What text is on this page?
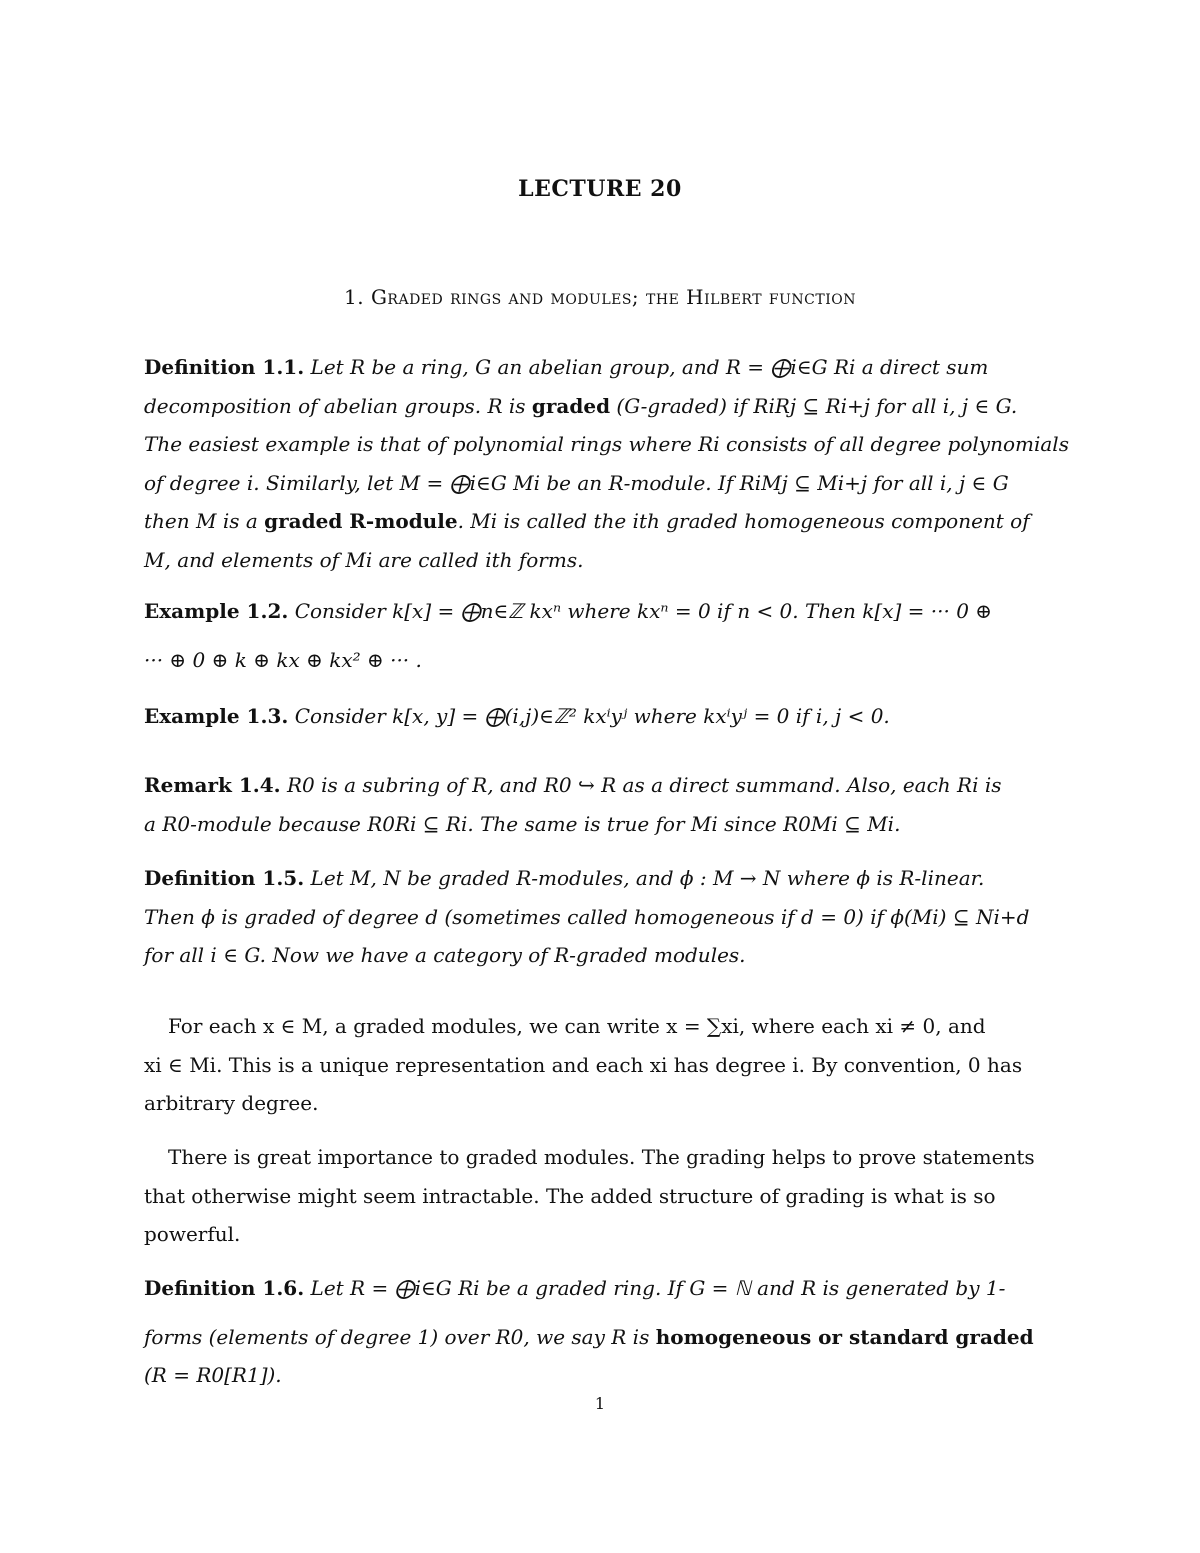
LECTURE 20
1. Graded rings and modules; the Hilbert function
Definition 1.1. Let R be a ring, G an abelian group, and R = ⨁i∈G Ri a direct sum
decomposition of abelian groups. R is graded (G-graded) if RiRj ⊆ Ri+j for all i, j ∈ G.
The easiest example is that of polynomial rings where Ri consists of all degree polynomials
of degree i. Similarly, let M = ⨁i∈G Mi be an R-module. If RiMj ⊆ Mi+j for all i, j ∈ G
then M is a graded R-module. Mi is called the ith graded homogeneous component of
M, and elements of Mi are called ith forms.
Example 1.2. Consider k[x] = ⨁n∈ℤ kxⁿ where kxⁿ = 0 if n < 0. Then k[x] = ··· 0 ⊕
··· ⊕ 0 ⊕ k ⊕ kx ⊕ kx² ⊕ ··· .
Example 1.3. Consider k[x, y] = ⨁(i,j)∈ℤ² kxⁱyʲ where kxⁱyʲ = 0 if i, j < 0.
Remark 1.4. R0 is a subring of R, and R0 ↪ R as a direct summand. Also, each Ri is
a R0-module because R0Ri ⊆ Ri. The same is true for Mi since R0Mi ⊆ Mi.
Definition 1.5. Let M, N be graded R-modules, and ϕ : M → N where ϕ is R-linear.
Then ϕ is graded of degree d (sometimes called homogeneous if d = 0) if ϕ(Mi) ⊆ Ni+d
for all i ∈ G. Now we have a category of R-graded modules.
For each x ∈ M, a graded modules, we can write x = ∑xi, where each xi ≠ 0, and
xi ∈ Mi. This is a unique representation and each xi has degree i. By convention, 0 has
arbitrary degree.
There is great importance to graded modules. The grading helps to prove statements
that otherwise might seem intractable. The added structure of grading is what is so
powerful.
Definition 1.6. Let R = ⨁i∈G Ri be a graded ring. If G = ℕ and R is generated by 1-
forms (elements of degree 1) over R0, we say R is homogeneous or standard graded
(R = R0[R1]).
1
